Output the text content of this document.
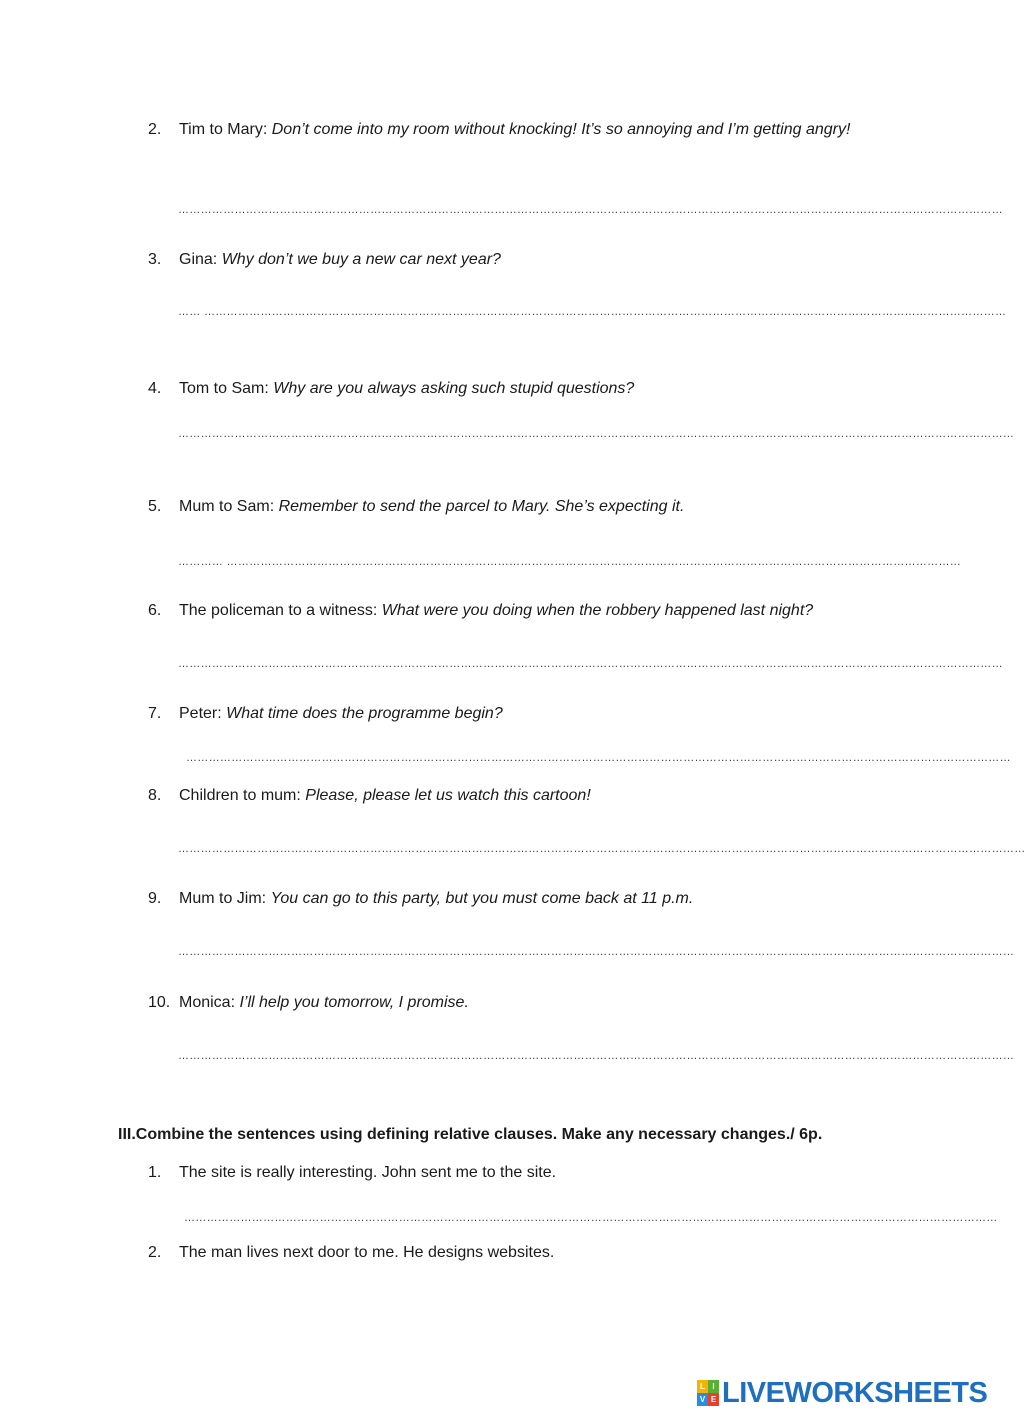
2. Tim to Mary: Don’t come into my room without knocking! It’s so annoying and I’m getting angry!
…………………………………………………………………………………………………………………………………………………………………………………………………
3. Gina: Why don’t we buy a new car next year?
…… ……………………………………………………………………………………………………………………………………………………………………………………………
4. Tom to Sam: Why are you always asking such stupid questions?
……………………………………………………………………………………………………………………………………………………………………………………………………
5. Mum to Sam: Remember to send the parcel to Mary. She’s expecting it.
………… ……………………………………………………………………………………………………………………………………………………………………………
6. The policeman to a witness: What were you doing when the robbery happened last night?
…………………………………………………………………………………………………………………………………………………………………………………………………
7. Peter: What time does the programme begin?
…………………………………………………………………………………………………………………………………………………………………………………………………
8. Children to mum: Please, please let us watch this cartoon!
………………………………………………………………………………………………………………………………………………………………………………………………………
9. Mum to Jim: You can go to this party, but you must come back at 11 p.m.
……………………………………………………………………………………………………………………………………………………………………………………………………
10. Monica: I’ll help you tomorrow, I promise.
……………………………………………………………………………………………………………………………………………………………………………………………………
III.Combine the sentences using defining relative clauses. Make any necessary changes./ 6p.
1. The site is really interesting. John sent me to the site.
………………………………………………………………………………………………………………………………………………………………………………………………
2. The man lives next door to me. He designs websites.
L I
V E LIVEWORKSHEETS
